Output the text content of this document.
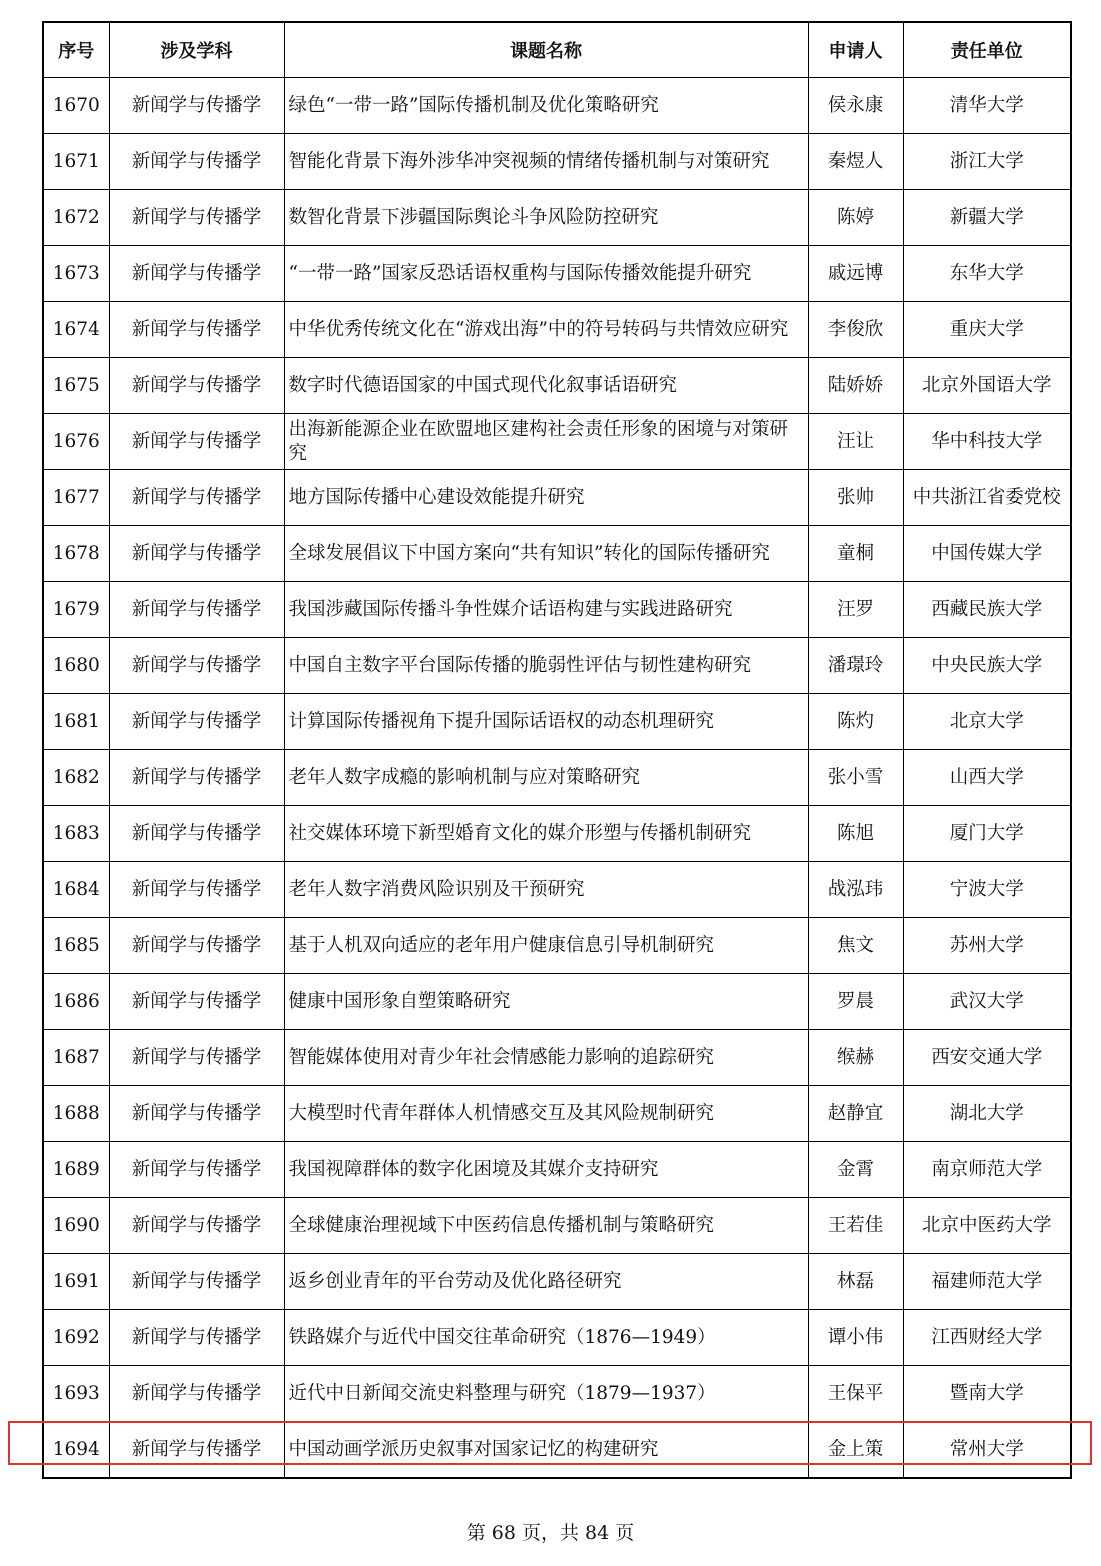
序号	涉及学科	课题名称	申请人	责任单位
1670	新闻学与传播学	绿色“一带一路”国际传播机制及优化策略研究	侯永康	清华大学
1671	新闻学与传播学	智能化背景下海外涉华冲突视频的情绪传播机制与对策研究	秦煜人	浙江大学
1672	新闻学与传播学	数智化背景下涉疆国际舆论斗争风险防控研究	陈婷	新疆大学
1673	新闻学与传播学	“一带一路”国家反恐话语权重构与国际传播效能提升研究	戚远博	东华大学
1674	新闻学与传播学	中华优秀传统文化在“游戏出海”中的符号转码与共情效应研究	李俊欣	重庆大学
1675	新闻学与传播学	数字时代德语国家的中国式现代化叙事话语研究	陆娇娇	北京外国语大学
1676	新闻学与传播学	出海新能源企业在欧盟地区建构社会责任形象的困境与对策研究	汪让	华中科技大学
1677	新闻学与传播学	地方国际传播中心建设效能提升研究	张帅	中共浙江省委党校
1678	新闻学与传播学	全球发展倡议下中国方案向“共有知识”转化的国际传播研究	童桐	中国传媒大学
1679	新闻学与传播学	我国涉藏国际传播斗争性媒介话语构建与实践进路研究	汪罗	西藏民族大学
1680	新闻学与传播学	中国自主数字平台国际传播的脆弱性评估与韧性建构研究	潘璟玲	中央民族大学
1681	新闻学与传播学	计算国际传播视角下提升国际话语权的动态机理研究	陈灼	北京大学
1682	新闻学与传播学	老年人数字成瘾的影响机制与应对策略研究	张小雪	山西大学
1683	新闻学与传播学	社交媒体环境下新型婚育文化的媒介形塑与传播机制研究	陈旭	厦门大学
1684	新闻学与传播学	老年人数字消费风险识别及干预研究	战泓玮	宁波大学
1685	新闻学与传播学	基于人机双向适应的老年用户健康信息引导机制研究	焦文	苏州大学
1686	新闻学与传播学	健康中国形象自塑策略研究	罗晨	武汉大学
1687	新闻学与传播学	智能媒体使用对青少年社会情感能力影响的追踪研究	缑赫	西安交通大学
1688	新闻学与传播学	大模型时代青年群体人机情感交互及其风险规制研究	赵静宜	湖北大学
1689	新闻学与传播学	我国视障群体的数字化困境及其媒介支持研究	金霄	南京师范大学
1690	新闻学与传播学	全球健康治理视域下中医药信息传播机制与策略研究	王若佳	北京中医药大学
1691	新闻学与传播学	返乡创业青年的平台劳动及优化路径研究	林磊	福建师范大学
1692	新闻学与传播学	铁路媒介与近代中国交往革命研究（1876—1949）	谭小伟	江西财经大学
1693	新闻学与传播学	近代中日新闻交流史料整理与研究（1879—1937）	王保平	暨南大学
1694	新闻学与传播学	中国动画学派历史叙事对国家记忆的构建研究	金上策	常州大学
第 68 页，共 84 页
